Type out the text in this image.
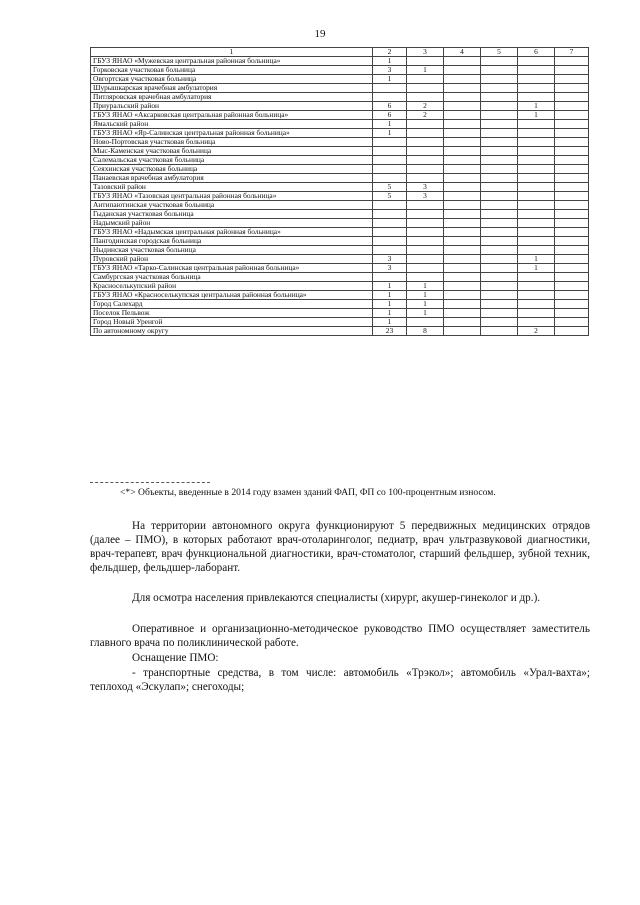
19
1	2	3	4	5	6	7
ГБУЗ ЯНАО «Мужевская центральная районная больница»	1					
Горковская участковая больница	3	1				
Овгортская участковая больница	1					
Шурышкарская врачебная амбулатория						
Питляровская врачебная амбулатория						
Приуральский район	6	2			1	
ГБУЗ ЯНАО «Аксарковская центральная районная больница»	6	2			1	
Ямальский район	1					
ГБУЗ ЯНАО «Яр-Салинская центральная районная больница»	1					
Ново-Портовская участковая больница						
Мыс-Каменская участковая больница						
Салемальская участковая больница						
Сеяхинская участковая больница						
Панаевская врачебная амбулатория						
Тазовский район	5	3				
ГБУЗ ЯНАО «Тазовская центральная районная больница»	5	3				
Антипаютинская участковая больница						
Гыданская участковая больница						
Надымский район						
ГБУЗ ЯНАО «Надымская центральная районная больница»						
Пангодинская городская больница						
Ныдинская участковая больница						
Пуровский район	3				1	
ГБУЗ ЯНАО «Тарко-Салинская центральная районная больница»	3				1	
Самбургская участковая больница						
Красноселькупский район	1	1				
ГБУЗ ЯНАО «Красноселькупская центральная районная больница»	1	1				
Город Салехард	1	1				
Поселок Пельвож	1	1				
Город Новый Уренгой	1					
По автономному округу	23	8			2	
<*> Объекты, введенные в 2014 году взамен зданий ФАП, ФП со 100-процентным износом.
На территории автономного округа функционируют 5 передвижных медицинских отрядов (далее – ПМО), в которых работают врач-отоларинголог, педиатр, врач ультразвуковой диагностики, врач-терапевт, врач функциональной диагностики, врач-стоматолог, старший фельдшер, зубной техник, фельдшер, фельдшер-лаборант.
Для осмотра населения привлекаются специалисты (хирург, акушер-гинеколог и др.).
Оперативное и организационно-методическое руководство ПМО осуществляет заместитель главного врача по поликлинической работе.
Оснащение ПМО:
- транспортные средства, в том числе: автомобиль «Трэкол»; автомобиль «Урал-вахта»; теплоход «Эскулап»; снегоходы;
